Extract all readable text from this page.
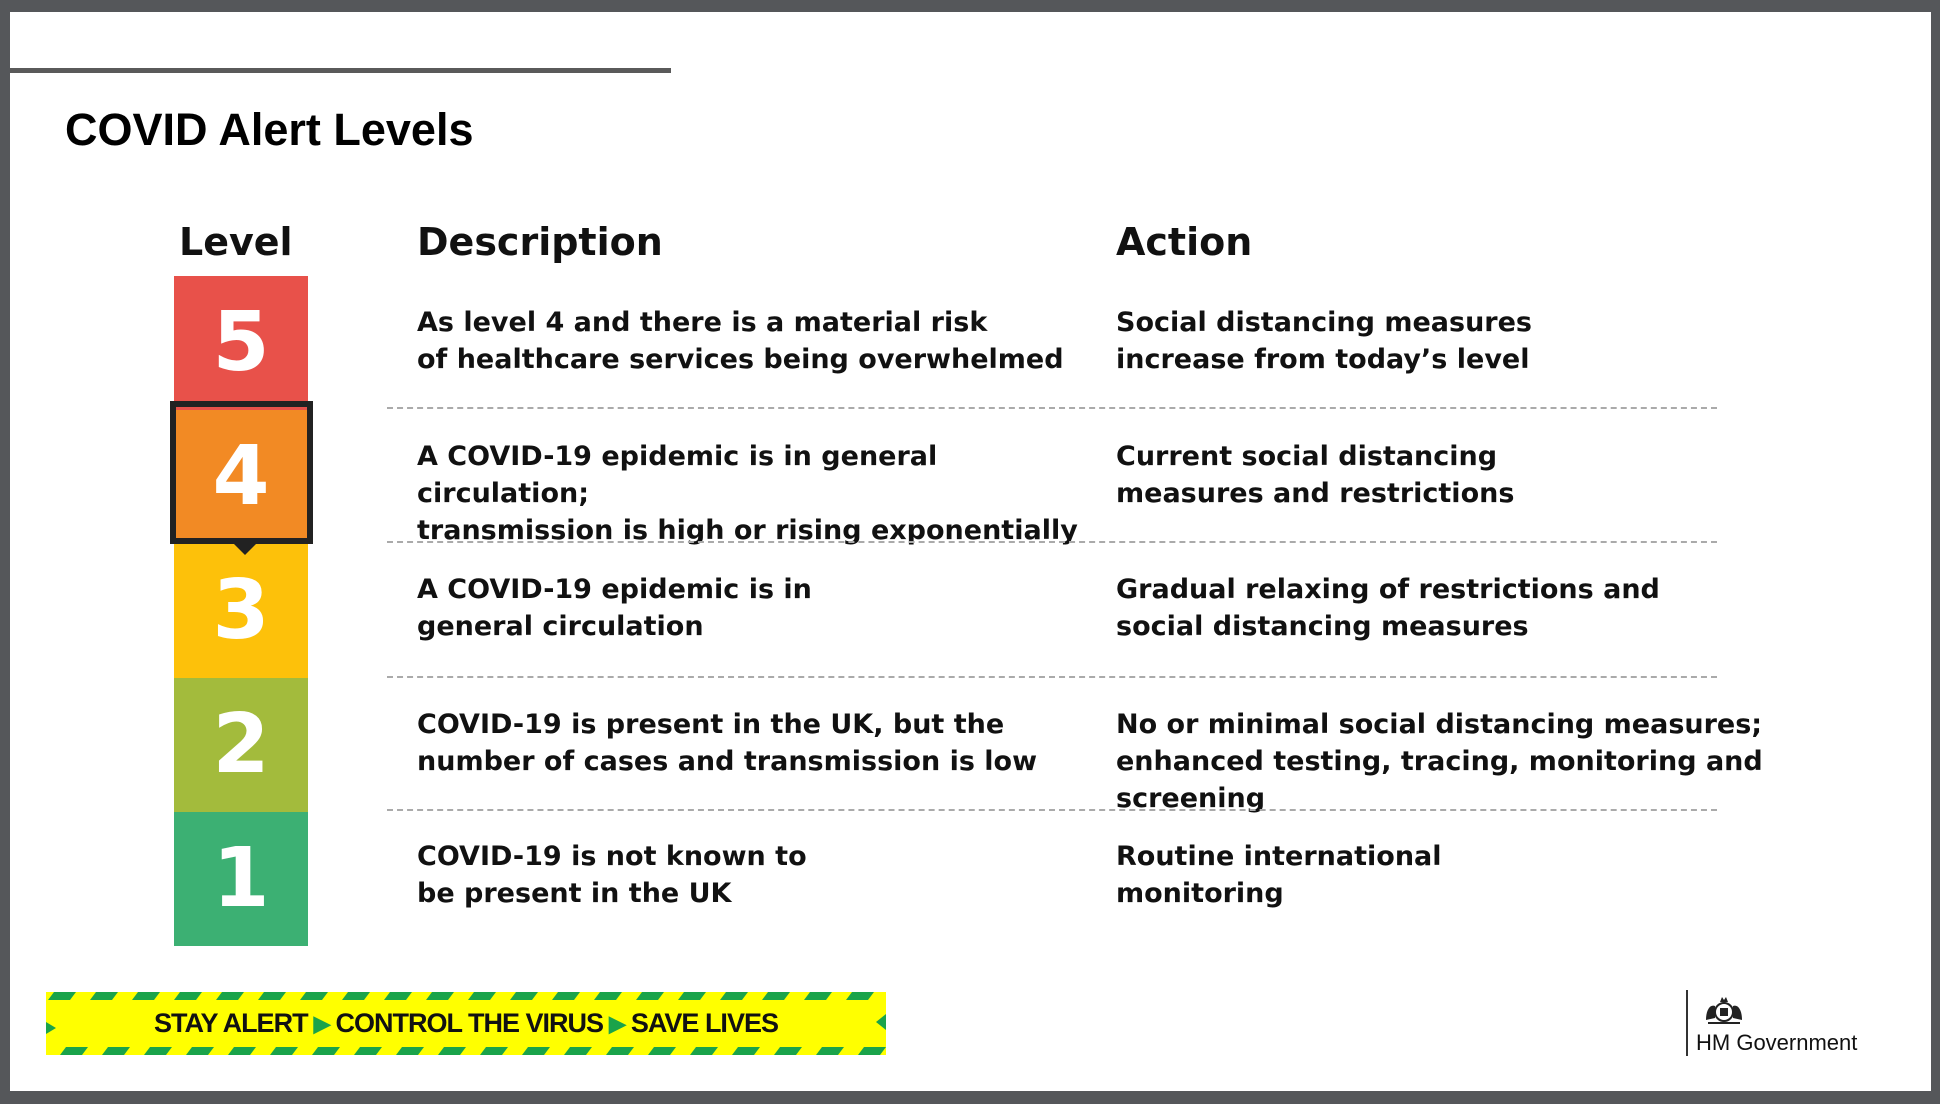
COVID Alert Levels
Level	Description	Action
5
4
3
2
1
As level 4 and there is a material risk
of healthcare services being overwhelmed
Social distancing measures
increase from today’s level
A COVID-19 epidemic is in general circulation;
transmission is high or rising exponentially
Current social distancing
measures and restrictions
A COVID-19 epidemic is in
general circulation
Gradual relaxing of restrictions and
social distancing measures
COVID-19 is present in the UK, but the
number of cases and transmission is low
No or minimal social distancing measures;
enhanced testing, tracing, monitoring and screening
COVID-19 is not known to
be present in the UK
Routine international
monitoring
STAY ALERT ▶ CONTROL THE VIRUS ▶ SAVE LIVES
HM Government
